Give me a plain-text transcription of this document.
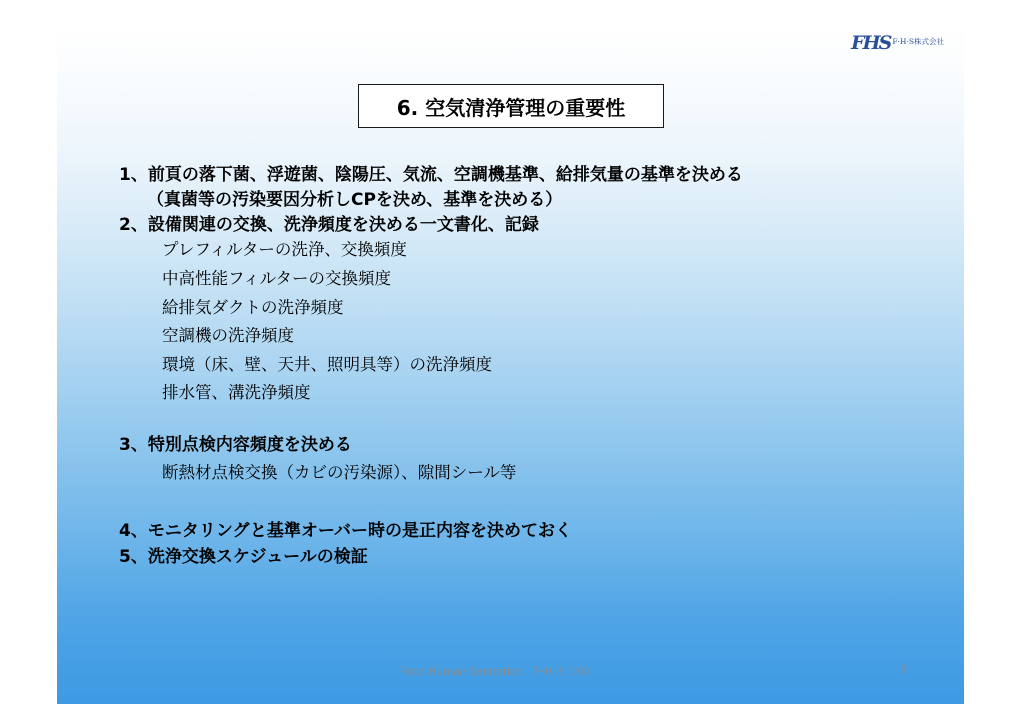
FHS F·H·S株式会社
6. 空気清浄管理の重要性
1、前頁の落下菌、浮遊菌、陰陽圧、気流、空調機基準、給排気量の基準を決める
（真菌等の汚染要因分析しCPを決め、基準を決める）
2、設備関連の交換、洗浄頻度を決める一文書化、記録
プレフィルターの洗浄、交換頻度
中高性能フィルターの交換頻度
給排気ダクトの洗浄頻度
空調機の洗浄頻度
環境（床、壁、天井、照明具等）の洗浄頻度
排水管、溝洗浄頻度
3、特別点検内容頻度を決める
断熱材点検交換（カビの汚染源）、隙間シール等
4、モニタリングと基準オーバー時の是正内容を決めておく
5、洗浄交換スケジュールの検証
Food Human Sanitation　F･H･S（株）	9
